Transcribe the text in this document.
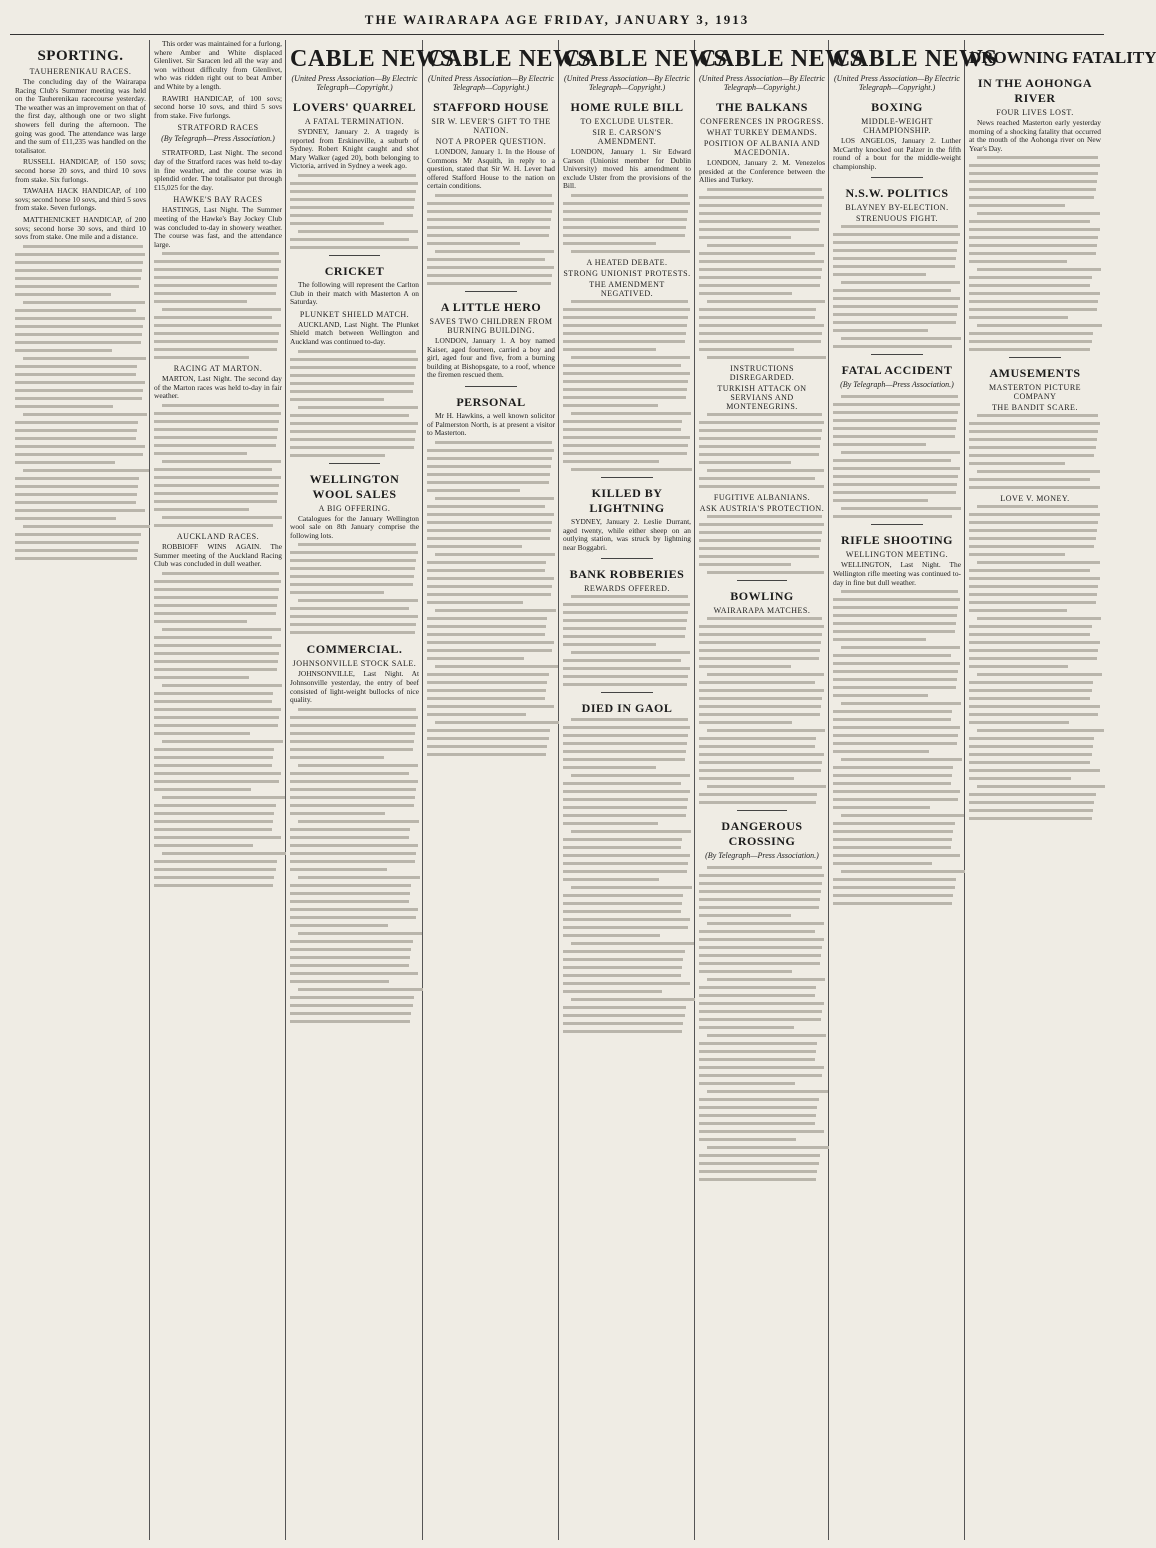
THE WAIRARAPA AGE FRIDAY, JANUARY 3, 1913
SPORTING.
TAUHERENIKAU RACES.

The concluding day of the Wairarapa Racing Club's Summer meeting was held on the Tauherenikau racecourse yesterday. The weather was an improvement on that of the first day, although one or two slight showers fell during the afternoon. The going was good. The attendance was large and the sum of £11,235 was handled on the totalisator.

RUSSELL HANDICAP, of 150 sovs; second horse 20 sovs, and third 10 sovs from stake. Six furlongs.

TAWAHA HACK HANDICAP, of 100 sovs; second horse 10 sovs, and third 5 sovs from stake. Seven furlongs.

MATTHENICKET HANDICAP, of 200 sovs; second horse 30 sovs, and third 10 sovs from stake. One mile and a distance.

This order was maintained for a furlong, where Amber and White displaced Glenlivet. Sir Saracen led all the way and won without difficulty from Glenlivet, who was ridden right out to beat Amber and White by a length.

RAWIRI HANDICAP, of 100 sovs; second horse 10 sovs, and third 5 sovs from stake. Five furlongs.

STRATFORD RACES
(By Telegraph—Press Association.)

STRATFORD, Last Night. The second day of the Stratford races was held to-day in fine weather, and the course was in splendid order. The totalisator put through £15,025 for the day.

HAWKE'S BAY RACES

HASTINGS, Last Night. The Summer meeting of the Hawke's Bay Jockey Club was concluded to-day in showery weather. The course was fast, and the attendance large.

RACING AT MARTON.

MARTON, Last Night. The second day of the Marton races was held to-day in fair weather.

AUCKLAND RACES.

ROBBIOFF WINS AGAIN. The Summer meeting of the Auckland Racing Club was concluded in dull weather.

CABLE NEWS
(United Press Association—By Electric Telegraph—Copyright.)
LOVERS' QUARREL
A FATAL TERMINATION.

SYDNEY, January 2. A tragedy is reported from Erskineville, a suburb of Sydney. Robert Knight caught and shot Mary Walker (aged 20), both belonging to Victoria, arrived in Sydney a week ago.

CRICKET

The following will represent the Carlton Club in their match with Masterton A on Saturday.

PLUNKET SHIELD MATCH.

AUCKLAND, Last Night. The Plunket Shield match between Wellington and Auckland was continued to-day.

WELLINGTON WOOL SALES
A BIG OFFERING.

Catalogues for the January Wellington wool sale on 8th January comprise the following lots.

COMMERCIAL.
JOHNSONVILLE STOCK SALE.

JOHNSONVILLE, Last Night. At Johnsonville yesterday, the entry of beef consisted of light-weight bullocks of nice quality.

CABLE NEWS
(United Press Association—By Electric Telegraph—Copyright.)
STAFFORD HOUSE
SIR W. LEVER'S GIFT TO THE NATION.
NOT A PROPER QUESTION.

LONDON, January 1. In the House of Commons Mr Asquith, in reply to a question, stated that Sir W. H. Lever had offered Stafford House to the nation on certain conditions.

A LITTLE HERO
SAVES TWO CHILDREN FROM BURNING BUILDING.

LONDON, January 1. A boy named Kaiser, aged fourteen, carried a boy and girl, aged four and five, from a burning building at Bishopsgate, to a roof, whence the firemen rescued them.

PERSONAL

Mr H. Hawkins, a well known solicitor of Palmerston North, is at present a visitor to Masterton.

CABLE NEWS
(United Press Association—By Electric Telegraph—Copyright.)
HOME RULE BILL
TO EXCLUDE ULSTER.
SIR E. CARSON'S AMENDMENT.

LONDON, January 1. Sir Edward Carson (Unionist member for Dublin University) moved his amendment to exclude Ulster from the provisions of the Bill.

A HEATED DEBATE.
STRONG UNIONIST PROTESTS.
THE AMENDMENT NEGATIVED.
KILLED BY LIGHTNING

SYDNEY, January 2. Leslie Durrant, aged twenty, while either sheep on an outlying station, was struck by lightning near Boggabri.

BANK ROBBERIES
REWARDS OFFERED.
DIED IN GAOL
CABLE NEWS
(United Press Association—By Electric Telegraph—Copyright.)
THE BALKANS
CONFERENCES IN PROGRESS.
WHAT TURKEY DEMANDS.
POSITION OF ALBANIA AND MACEDONIA.

LONDON, January 2. M. Venezelos presided at the Conference between the Allies and Turkey.

INSTRUCTIONS DISREGARDED.
TURKISH ATTACK ON SERVIANS AND MONTENEGRINS.
FUGITIVE ALBANIANS.
ASK AUSTRIA'S PROTECTION.
BOWLING
WAIRARAPA MATCHES.
DANGEROUS CROSSING
(By Telegraph—Press Association.)
CABLE NEWS
(United Press Association—By Electric Telegraph—Copyright.)
BOXING
MIDDLE-WEIGHT CHAMPIONSHIP.

LOS ANGELOS, January 2. Luther McCarthy knocked out Palzer in the fifth round of a bout for the middle-weight championship.

N.S.W. POLITICS
BLAYNEY BY-ELECTION.
STRENUOUS FIGHT.
FATAL ACCIDENT
(By Telegraph—Press Association.)
RIFLE SHOOTING
WELLINGTON MEETING.

WELLINGTON, Last Night. The Wellington rifle meeting was continued to-day in fine but dull weather.

DROWNING FATALITY
IN THE AOHONGA RIVER
FOUR LIVES LOST.

News reached Masterton early yesterday morning of a shocking fatality that occurred at the mouth of the Aohonga river on New Year's Day.

AMUSEMENTS
MASTERTON PICTURE COMPANY
THE BANDIT SCARE.
LOVE V. MONEY.
